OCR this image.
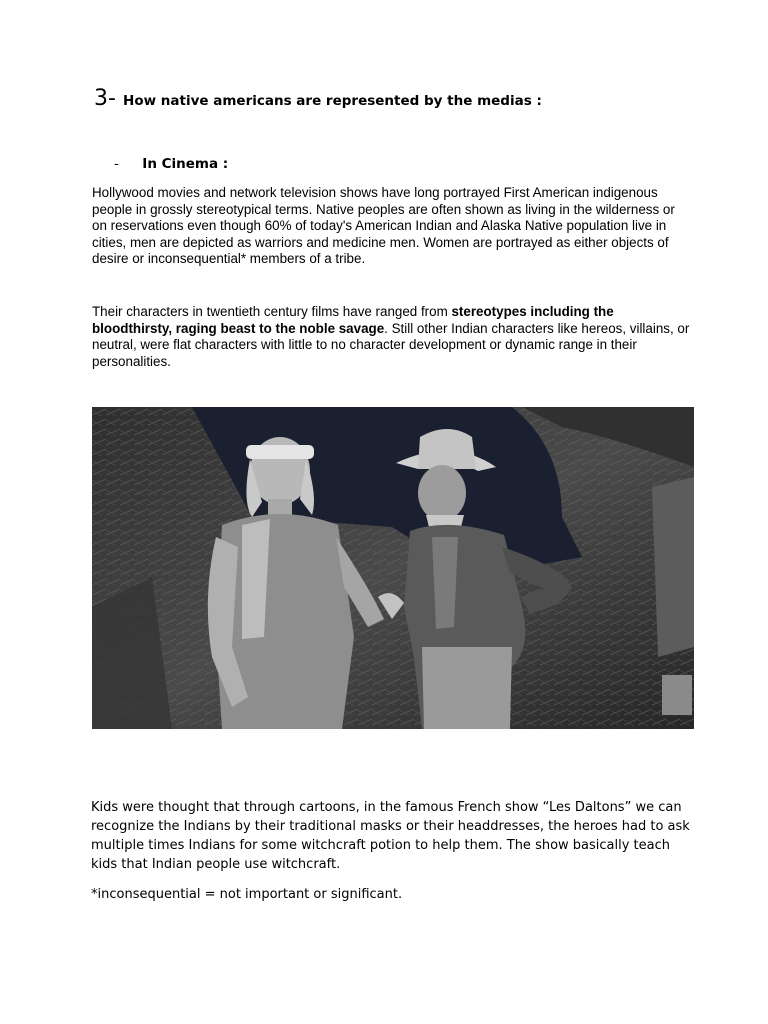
3- How native americans are represented by the medias :
- In Cinema :

Hollywood movies and network television shows have long portrayed First American indigenous people in grossly stereotypical terms. Native peoples are often shown as living in the wilderness or on reservations even though 60% of today's American Indian and Alaska Native population live in cities, men are depicted as warriors and medicine men. Women are portrayed as either objects of desire or inconsequential* members of a tribe.

Their characters in twentieth century films have ranged from stereotypes including the bloodthirsty, raging beast to the noble savage. Still other Indian characters like hereos, villains, or neutral, were flat characters with little to no character development or dynamic range in their personalities.

Kids were thought that through cartoons, in the famous French show “Les Daltons” we can recognize the Indians by their traditional masks or their headdresses, the heroes had to ask multiple times Indians for some witchcraft potion to help them. The show basically teach kids that Indian people use witchcraft.

*inconsequential = not important or significant.
